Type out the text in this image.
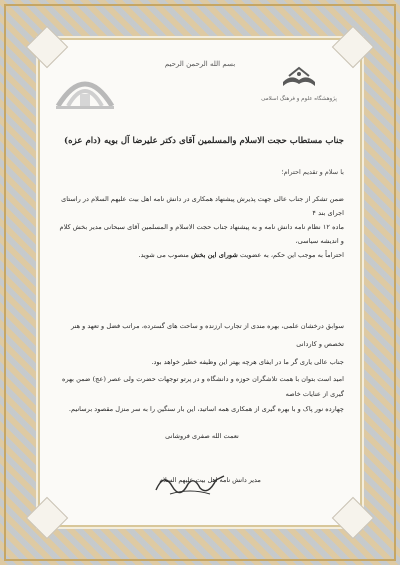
بسم الله الرحمن الرحیم
پژوهشگاه علوم و فرهنگ اسلامی
جناب مستطاب حجت الاسلام والمسلمین آقای دکتر علیرضا آل بویه (دام عزه)
با سلام و تقدیم احترام؛
ضمن تشکر از جناب عالی جهت پذیرش پیشنهاد همکاری در دانش نامه اهل بیت علیهم السلام در راستای اجرای بند ۴
ماده ۱۲ نظام نامه دانش نامه و به پیشنهاد جناب حجت الاسلام و المسلمین آقای سبحانی مدیر بخش کلام و اندیشه سیاسی،
احتراماً به موجب این حکم، به عضویت شورای این بخش منصوب می شوید.
سوابق درخشان علمی، بهره مندی از تجارب ارزنده و ساحت های گسترده، مراتب فضل و تعهد و هنر تخصص و کاردانی
جناب عالی یاری گر ما در ایفای هرچه بهتر این وظیفه خطیر خواهد بود.
امید است بتوان با همت تلاشگران حوزه و دانشگاه و در پرتو توجهات حضرت ولی عصر (عج) ضمن بهره گیری از عنایات خاصه
چهارده نور پاک و با بهره گیری از همکاری همه اساتید، این بار سنگین را به سر منزل مقصود برسانیم.
نعمت الله صفری فروشانی
مدیر دانش نامه اهل بیت علیهم السلام
